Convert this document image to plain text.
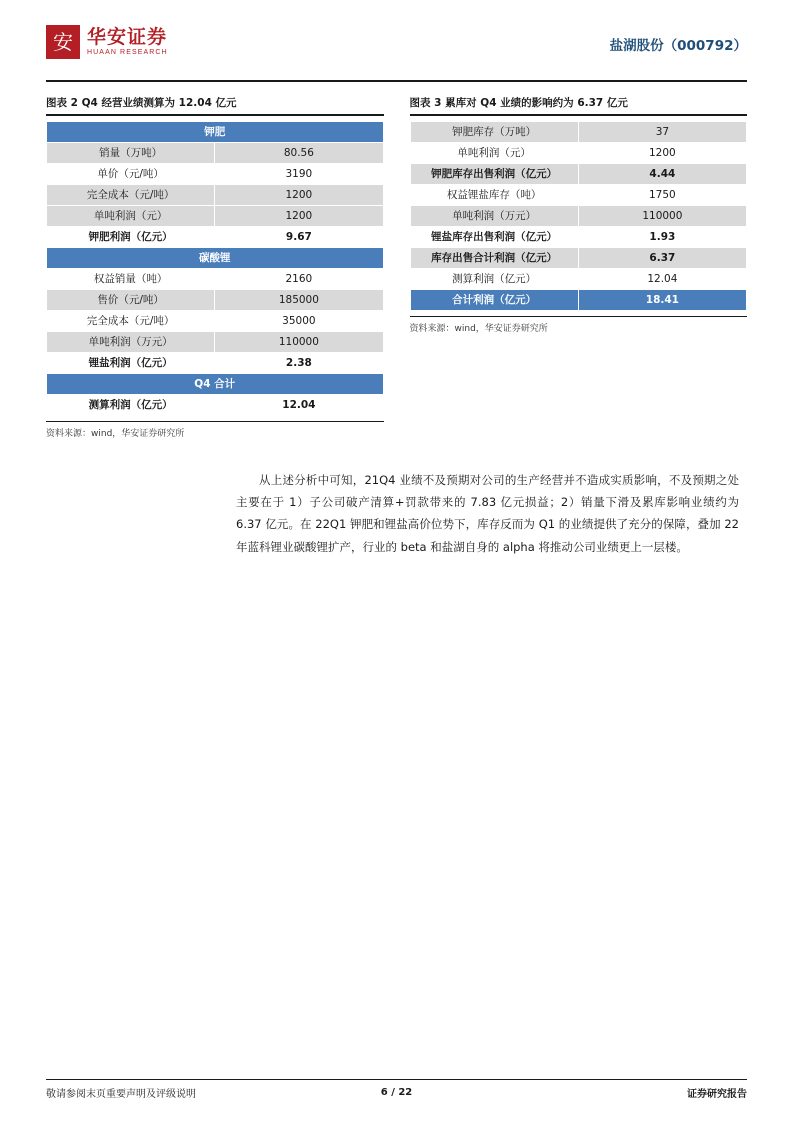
安 华安证券
HUAAN RESEARCH	盐湖股份（000792）
图表 2 Q4 经营业绩测算为 12.04 亿元
钾肥	
销量（万吨）	80.56
单价（元/吨）	3190
完全成本（元/吨）	1200
单吨利润（元）	1200
钾肥利润（亿元）	9.67
碳酸锂	
权益销量（吨）	2160
售价（元/吨）	185000
完全成本（元/吨）	35000
单吨利润（万元）	110000
锂盐利润（亿元）	2.38
Q4 合计	
测算利润（亿元）	12.04
资料来源：wind，华安证券研究所
图表 3 累库对 Q4 业绩的影响约为 6.37 亿元
钾肥库存（万吨）	37
单吨利润（元）	1200
钾肥库存出售利润（亿元）	4.44
权益锂盐库存（吨）	1750
单吨利润（万元）	110000
锂盐库存出售利润（亿元）	1.93
库存出售合计利润（亿元）	6.37
测算利润（亿元）	12.04
合计利润（亿元）	18.41
资料来源：wind，华安证券研究所

从上述分析中可知，21Q4 业绩不及预期对公司的生产经营并不造成实质影响，不及预期之处主要在于 1）子公司破产清算+罚款带来的 7.83 亿元损益；2）销量下滑及累库影响业绩约为 6.37 亿元。在 22Q1 钾肥和锂盐高价位势下，库存反而为 Q1 的业绩提供了充分的保障，叠加 22 年蓝科锂业碳酸锂扩产，行业的 beta 和盐湖自身的 alpha 将推动公司业绩更上一层楼。

敬请参阅末页重要声明及评级说明	6 / 22	证券研究报告
